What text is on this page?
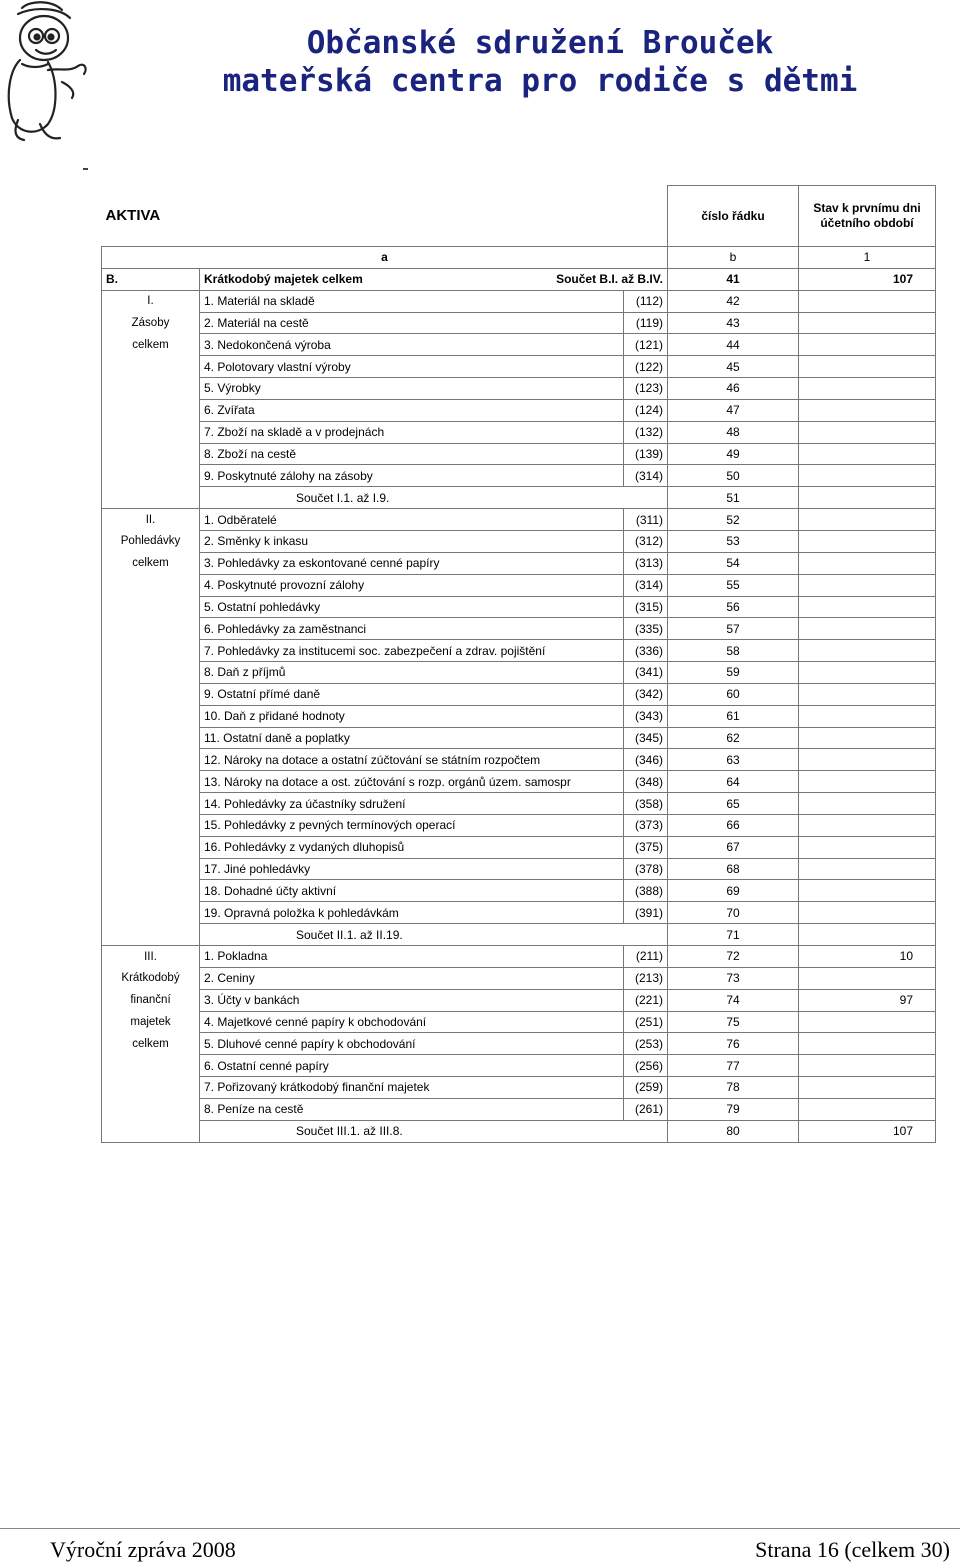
Občanské sdružení Brouček
mateřská centra pro rodiče s dětmi
AKTIVA			číslo řádku	Stav k prvnímu dni účetního období	
a			b	1	
B.	Krátkodobý majetek celkem Součet B.I. až B.IV.		41	107	
I.	1. Materiál na skladě	(112)	42		
Zásoby	2. Materiál na cestě	(119)	43		
celkem	3. Nedokončená výroba	(121)	44		
	4. Polotovary vlastní výroby	(122)	45		
	5. Výrobky	(123)	46		
	6. Zvířata	(124)	47		
	7. Zboží na skladě a v prodejnách	(132)	48		
	8. Zboží na cestě	(139)	49		
	9. Poskytnuté zálohy na zásoby	(314)	50		
	Součet I.1. až I.9.		51		
II.	1. Odběratelé	(311)	52		
Pohledávky	2. Směnky k inkasu	(312)	53		
celkem	3. Pohledávky za eskontované cenné papíry	(313)	54		
	4. Poskytnuté provozní zálohy	(314)	55		
	5. Ostatní pohledávky	(315)	56		
	6. Pohledávky za zaměstnanci	(335)	57		
	7. Pohledávky za institucemi soc. zabezpečení a zdrav. pojištění	(336)	58		
	8. Daň z příjmů	(341)	59		
	9. Ostatní přímé daně	(342)	60		
	10. Daň z přidané hodnoty	(343)	61		
	11. Ostatní daně a poplatky	(345)	62		
	12. Nároky na dotace a ostatní zúčtování se státním rozpočtem	(346)	63		
	13. Nároky na dotace a ost. zúčtování s rozp. orgánů územ. samospr	(348)	64		
	14. Pohledávky za účastníky sdružení	(358)	65		
	15. Pohledávky z pevných termínových operací	(373)	66		
	16. Pohledávky z vydaných dluhopisů	(375)	67		
	17. Jiné pohledávky	(378)	68		
	18. Dohadné účty aktivní	(388)	69		
	19. Opravná položka k pohledávkám	(391)	70		
	Součet II.1. až II.19.		71		
III.	1. Pokladna	(211)	72	10	
Krátkodobý	2. Ceniny	(213)	73		
finanční	3. Účty v bankách	(221)	74	97	
majetek	4. Majetkové cenné papíry k obchodování	(251)	75		
celkem	5. Dluhové cenné papíry k obchodování	(253)	76		
	6. Ostatní cenné papíry	(256)	77		
	7. Pořizovaný krátkodobý finanční majetek	(259)	78		
	8. Peníze na cestě	(261)	79		
	Součet III.1. až III.8.		80	107	
Výroční zpráva 2008	Strana 16 (celkem 30)
